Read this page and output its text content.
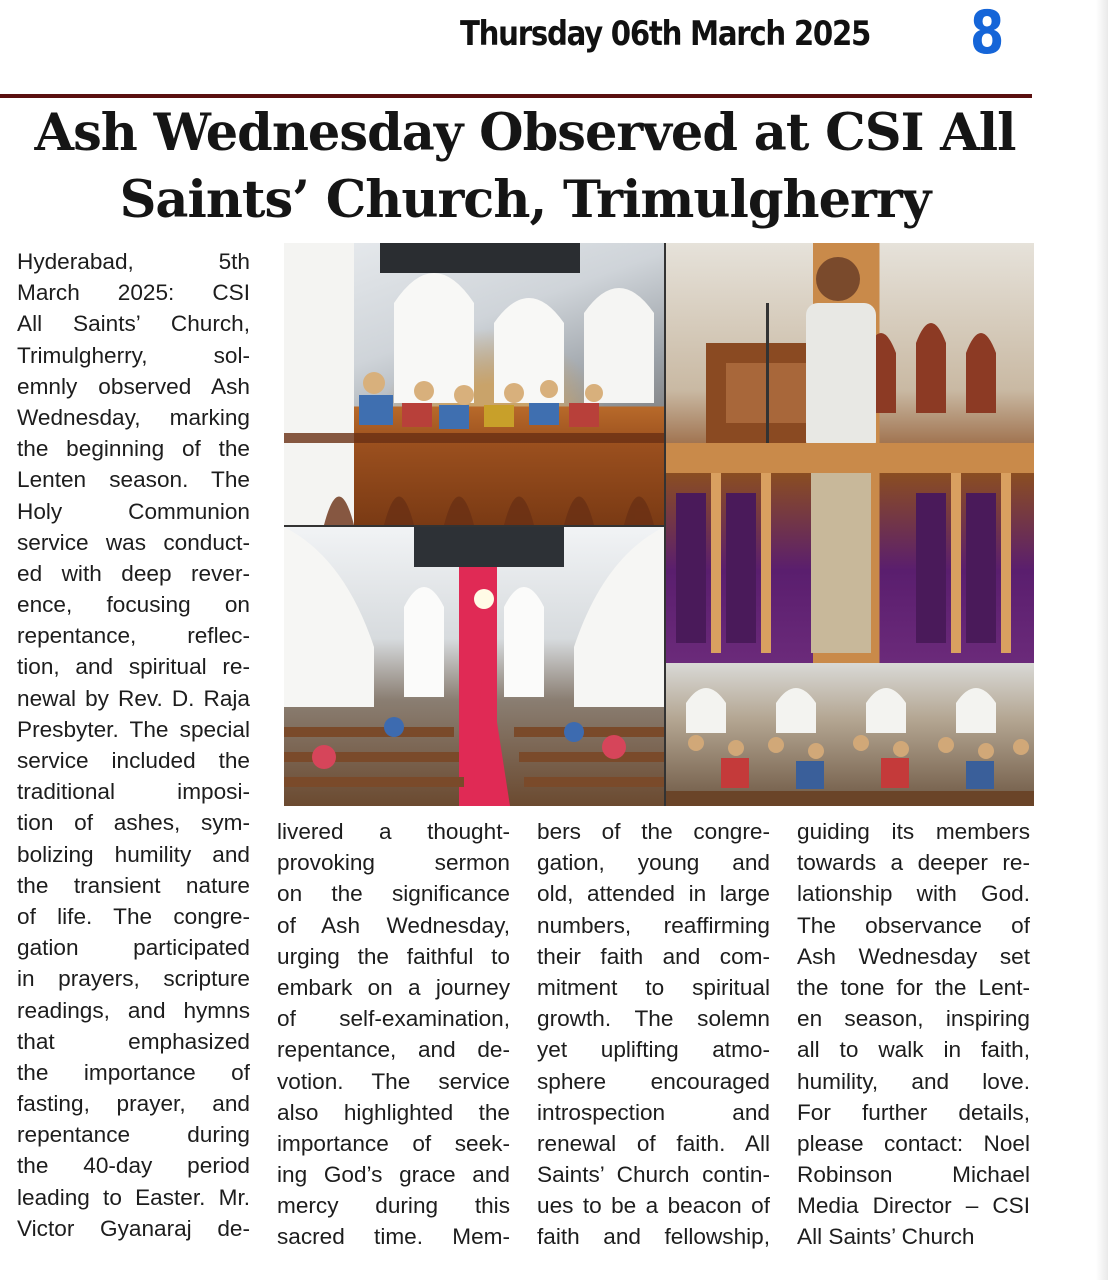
Thursday 06th March 2025 8
Ash Wednesday Observed at CSI All
Saints’ Church, Trimulgherry
Hyderabad, 5th
March 2025: CSI
All Saints’ Church,
Trimulgherry, sol-
emnly observed Ash
Wednesday, marking
the beginning of the
Lenten season. The
Holy Communion
service was conduct-
ed with deep rever-
ence, focusing on
repentance, reflec-
tion, and spiritual re-
newal by Rev. D. Raja
Presbyter. The special
service included the
traditional imposi-
tion of ashes, sym-
bolizing humility and
the transient nature
of life. The congre-
gation participated
in prayers, scripture
readings, and hymns
that emphasized
the importance of
fasting, prayer, and
repentance during
the 40-day period
leading to Easter. Mr.
Victor Gyanaraj de-
livered a thought-
provoking sermon
on the significance
of Ash Wednesday,
urging the faithful to
embark on a journey
of self-examination,
repentance, and de-
votion. The service
also highlighted the
importance of seek-
ing God’s grace and
mercy during this
sacred time. Mem-
bers of the congre-
gation, young and
old, attended in large
numbers, reaffirming
their faith and com-
mitment to spiritual
growth. The solemn
yet uplifting atmo-
sphere encouraged
introspection and
renewal of faith. All
Saints’ Church contin-
ues to be a beacon of
faith and fellowship,
guiding its members
towards a deeper re-
lationship with God.
The observance of
Ash Wednesday set
the tone for the Lent-
en season, inspiring
all to walk in faith,
humility, and love.
For further details,
please contact: Noel
Robinson Michael
Media Director – CSI
All Saints’ Church
